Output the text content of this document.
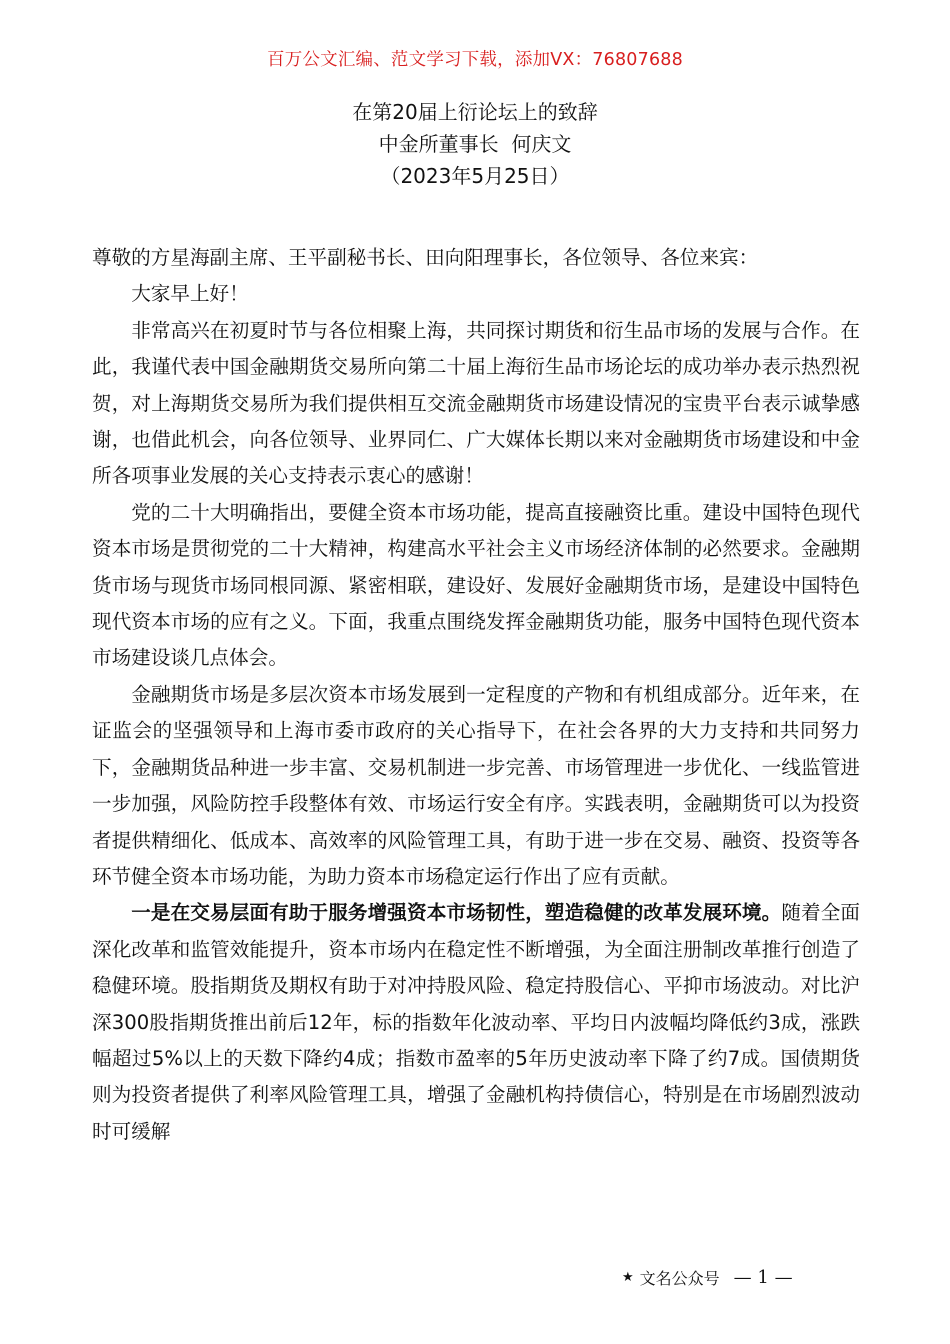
百万公文汇编、范文学习下载，添加VX：76807688
在第20届上衍论坛上的致辞
中金所董事长  何庆文
（2023年5月25日）

尊敬的方星海副主席、王平副秘书长、田向阳理事长，各位领导、各位来宾：

大家早上好！

非常高兴在初夏时节与各位相聚上海，共同探讨期货和衍生品市场的发展与合作。在此，我谨代表中国金融期货交易所向第二十届上海衍生品市场论坛的成功举办表示热烈祝贺，对上海期货交易所为我们提供相互交流金融期货市场建设情况的宝贵平台表示诚挚感谢，也借此机会，向各位领导、业界同仁、广大媒体长期以来对金融期货市场建设和中金所各项事业发展的关心支持表示衷心的感谢！

党的二十大明确指出，要健全资本市场功能，提高直接融资比重。建设中国特色现代资本市场是贯彻党的二十大精神，构建高水平社会主义市场经济体制的必然要求。金融期货市场与现货市场同根同源、紧密相联，建设好、发展好金融期货市场，是建设中国特色现代资本市场的应有之义。下面，我重点围绕发挥金融期货功能，服务中国特色现代资本市场建设谈几点体会。

金融期货市场是多层次资本市场发展到一定程度的产物和有机组成部分。近年来，在证监会的坚强领导和上海市委市政府的关心指导下，在社会各界的大力支持和共同努力下，金融期货品种进一步丰富、交易机制进一步完善、市场管理进一步优化、一线监管进一步加强，风险防控手段整体有效、市场运行安全有序。实践表明，金融期货可以为投资者提供精细化、低成本、高效率的风险管理工具，有助于进一步在交易、融资、投资等各环节健全资本市场功能，为助力资本市场稳定运行作出了应有贡献。

一是在交易层面有助于服务增强资本市场韧性，塑造稳健的改革发展环境。随着全面深化改革和监管效能提升，资本市场内在稳定性不断增强，为全面注册制改革推行创造了稳健环境。股指期货及期权有助于对冲持股风险、稳定持股信心、平抑市场波动。对比沪深300股指期货推出前后12年，标的指数年化波动率、平均日内波幅均降低约3成，涨跌幅超过5%以上的天数下降约4成；指数市盈率的5年历史波动率下降了约7成。国债期货则为投资者提供了利率风险管理工具，增强了金融机构持债信心，特别是在市场剧烈波动时可缓解

★ 文名公众号 — 1 —
